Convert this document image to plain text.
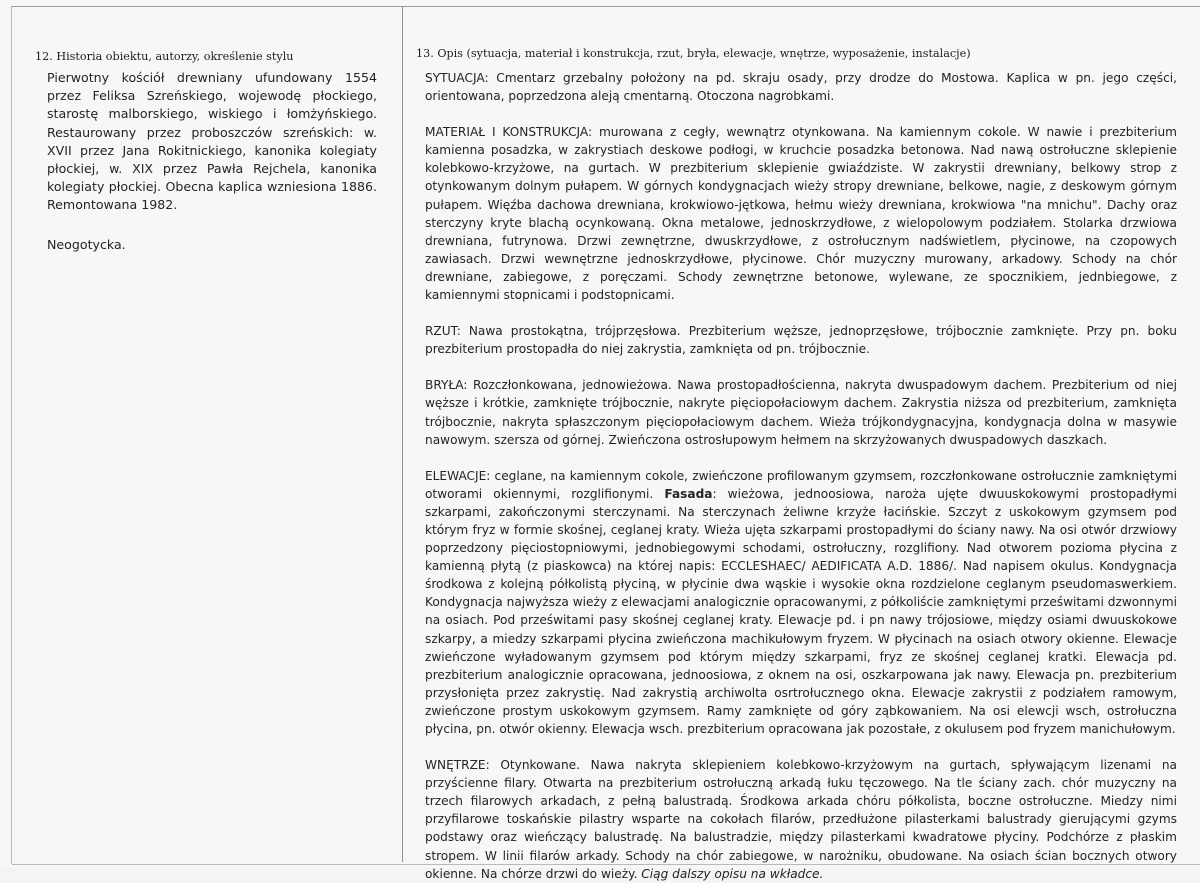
12. Historia obiektu, autorzy, określenie stylu

Pierwotny kościół drewniany ufundowany 1554 przez Feliksa Szreńskiego, wojewodę płockiego, starostę malborskiego, wiskiego i łomżyńskiego. Restaurowany przez proboszczów szreńskich: w. XVII przez Jana Rokitnickiego, kanonika kolegiaty płockiej, w. XIX przez Pawła Rejchela, kanonika kolegiaty płockiej. Obecna kaplica wzniesiona 1886. Remontowana 1982.

Neogotycka.

13. Opis (sytuacja, materiał i konstrukcja, rzut, bryła, elewacje, wnętrze, wyposażenie, instalacje)

SYTUACJA: Cmentarz grzebalny położony na pd. skraju osady, przy drodze do Mostowa. Kaplica w pn. jego części, orientowana, poprzedzona aleją cmentarną. Otoczona nagrobkami.

MATERIAŁ I KONSTRUKCJA: murowana z cegły, wewnątrz otynkowana. Na kamiennym cokole. W nawie i prezbiterium kamienna posadzka, w zakrystiach deskowe podłogi, w kruchcie posadzka betonowa. Nad nawą ostrołuczne sklepienie kolebkowo-krzyżowe, na gurtach. W prezbiterium sklepienie gwiaździste. W zakrystii drewniany, belkowy strop z otynkowanym dolnym pułapem. W górnych kondygnacjach wieży stropy drewniane, belkowe, nagie, z deskowym górnym pułapem. Więźba dachowa drewniana, krokwiowo-jętkowa, hełmu wieży drewniana, krokwiowa "na mnichu". Dachy oraz sterczyny kryte blachą ocynkowaną. Okna metalowe, jednoskrzydłowe, z wielopolowym podziałem. Stolarka drzwiowa drewniana, futrynowa. Drzwi zewnętrzne, dwuskrzydłowe, z ostrołucznym nadświetlem, płycinowe, na czopowych zawiasach. Drzwi wewnętrzne jednoskrzydłowe, płycinowe. Chór muzyczny murowany, arkadowy. Schody na chór drewniane, zabiegowe, z poręczami. Schody zewnętrzne betonowe, wylewane, ze spocznikiem, jednbiegowe, z kamiennymi stopnicami i podstopnicami.

RZUT: Nawa prostokątna, trójprzęsłowa. Prezbiterium węższe, jednoprzęsłowe, trójbocznie zamknięte. Przy pn. boku prezbiterium prostopadła do niej zakrystia, zamknięta od pn. trójbocznie.

BRYŁA: Rozczłonkowana, jednowieżowa. Nawa prostopadłościenna, nakryta dwuspadowym dachem. Prezbiterium od niej węższe i krótkie, zamknięte trójbocznie, nakryte pięciopołaciowym dachem. Zakrystia niższa od prezbiterium, zamknięta trójbocznie, nakryta spłaszczonym pięciopołaciowym dachem. Wieża trójkondygnacyjna, kondygnacja dolna w masywie nawowym. szersza od górnej. Zwieńczona ostrosłupowym hełmem na skrzyżowanych dwuspadowych daszkach.

ELEWACJE: ceglane, na kamiennym cokole, zwieńczone profilowanym gzymsem, rozczłonkowane ostrołucznie zamkniętymi otworami okiennymi, rozglifionymi. Fasada: wieżowa, jednoosiowa, naroża ujęte dwuuskokowymi prostopadłymi szkarpami, zakończonymi sterczynami. Na sterczynach żeliwne krzyże łacińskie. Szczyt z uskokowym gzymsem pod którym fryz w formie skośnej, ceglanej kraty. Wieża ujęta szkarpami prostopadłymi do ściany nawy. Na osi otwór drzwiowy poprzedzony pięciostopniowymi, jednobiegowymi schodami, ostrołuczny, rozglifiony. Nad otworem pozioma płycina z kamienną płytą (z piaskowca) na której napis: ECCLESHAEC/ AEDIFICATA A.D. 1886/. Nad napisem okulus. Kondygnacja środkowa z kolejną półkolistą płyciną, w płycinie dwa wąskie i wysokie okna rozdzielone ceglanym pseudomaswerkiem. Kondygnacja najwyższa wieży z elewacjami analogicznie opracowanymi, z półkoliście zamkniętymi prześwitami dzwonnymi na osiach. Pod prześwitami pasy skośnej ceglanej kraty. Elewacje pd. i pn nawy trójosiowe, między osiami dwuuskokowe szkarpy, a miedzy szkarpami płycina zwieńczona machikułowym fryzem. W płycinach na osiach otwory okienne. Elewacje zwieńczone wyładowanym gzymsem pod którym między szkarpami, fryz ze skośnej ceglanej kratki. Elewacja pd. prezbiterium analogicznie opracowana, jednoosiowa, z oknem na osi, oszkarpowana jak nawy. Elewacja pn. prezbiterium przysłonięta przez zakrystię. Nad zakrystią archiwolta osrtrołucznego okna. Elewacje zakrystii z podziałem ramowym, zwieńczone prostym uskokowym gzymsem. Ramy zamknięte od góry ząbkowaniem. Na osi elewcji wsch, ostrołuczna płycina, pn. otwór okienny. Elewacja wsch. prezbiterium opracowana jak pozostałe, z okulusem pod fryzem manichułowym.

WNĘTRZE: Otynkowane. Nawa nakryta sklepieniem kolebkowo-krzyżowym na gurtach, spływającym lizenami na przyścienne filary. Otwarta na prezbiterium ostrołuczną arkadą łuku tęczowego. Na tle ściany zach. chór muzyczny na trzech filarowych arkadach, z pełną balustradą. Środkowa arkada chóru półkolista, boczne ostrołuczne. Miedzy nimi przyfilarowe toskańskie pilastry wsparte na cokołach filarów, przedłużone pilasterkami balustrady gierującymi gzyms podstawy oraz wieńczący balustradę. Na balustradzie, między pilasterkami kwadratowe płyciny. Podchórze z płaskim stropem. W linii filarów arkady. Schody na chór zabiegowe, w narożniku, obudowane. Na osiach ścian bocznych otwory okienne. Na chórze drzwi do wieży. Ciąg dalszy opisu na wkładce.
